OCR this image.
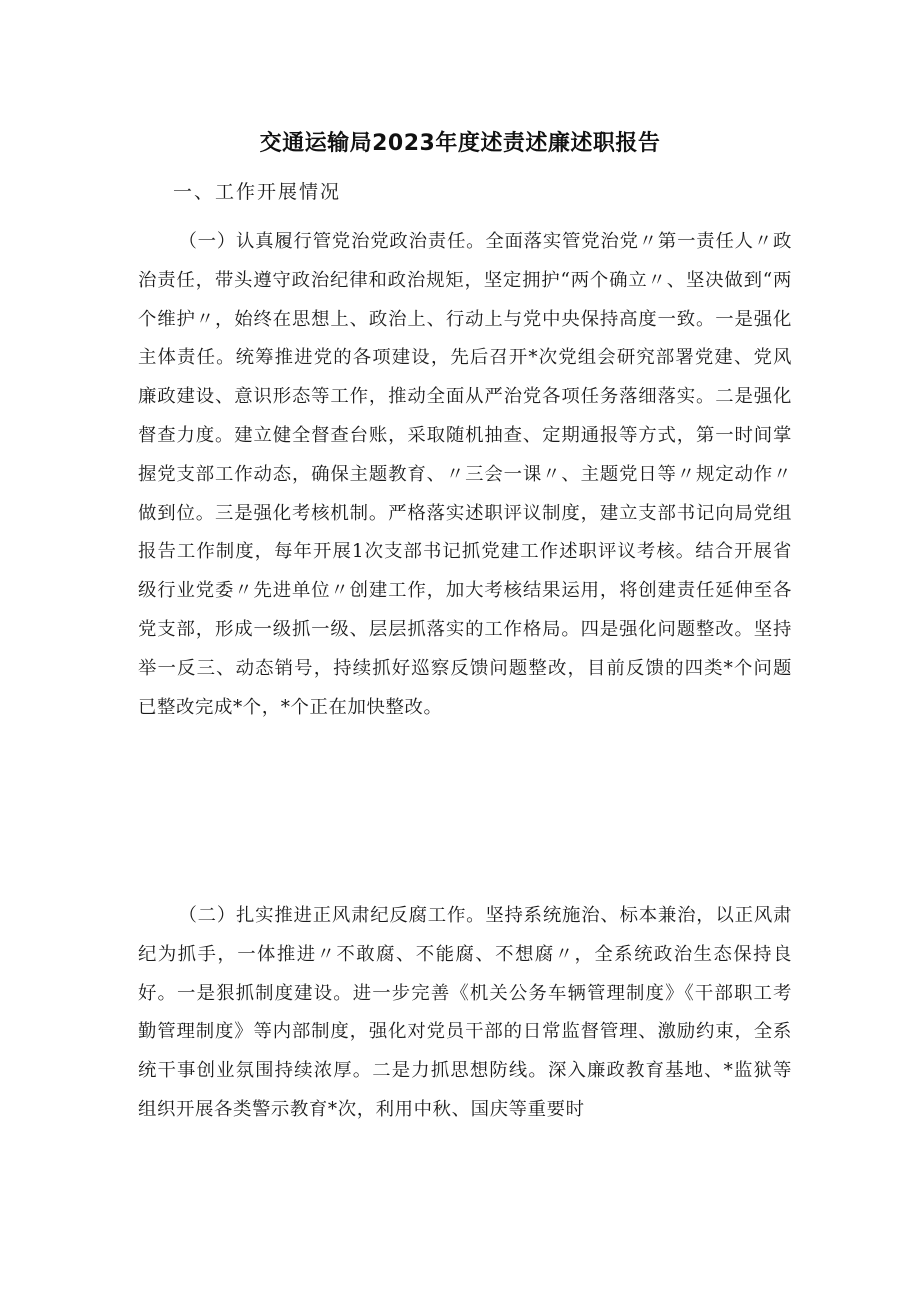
交通运输局2023年度述责述廉述职报告
一、工作开展情况
（一）认真履行管党治党政治责任。全面落实管党治党〃第一责任人〃政治责任，带头遵守政治纪律和政治规矩，坚定拥护“两个确立〃、坚决做到“两个维护〃，始终在思想上、政治上、行动上与党中央保持高度一致。一是强化主体责任。统筹推进党的各项建设，先后召开*次党组会研究部署党建、党风廉政建设、意识形态等工作，推动全面从严治党各项任务落细落实。二是强化督查力度。建立健全督查台账，采取随机抽查、定期通报等方式，第一时间掌握党支部工作动态，确保主题教育、〃三会一课〃、主题党日等〃规定动作〃做到位。三是强化考核机制。严格落实述职评议制度，建立支部书记向局党组报告工作制度，每年开展1次支部书记抓党建工作述职评议考核。结合开展省级行业党委〃先进单位〃创建工作，加大考核结果运用，将创建责任延伸至各党支部，形成一级抓一级、层层抓落实的工作格局。四是强化问题整改。坚持举一反三、动态销号，持续抓好巡察反馈问题整改，目前反馈的四类*个问题已整改完成*个，*个正在加快整改。
（二）扎实推进正风肃纪反腐工作。坚持系统施治、标本兼治，以正风肃纪为抓手，一体推进〃不敢腐、不能腐、不想腐〃，全系统政治生态保持良好。一是狠抓制度建设。进一步完善《机关公务车辆管理制度》《干部职工考勤管理制度》等内部制度，强化对党员干部的日常监督管理、激励约束，全系统干事创业氛围持续浓厚。二是力抓思想防线。深入廉政教育基地、*监狱等组织开展各类警示教育*次，利用中秋、国庆等重要时
